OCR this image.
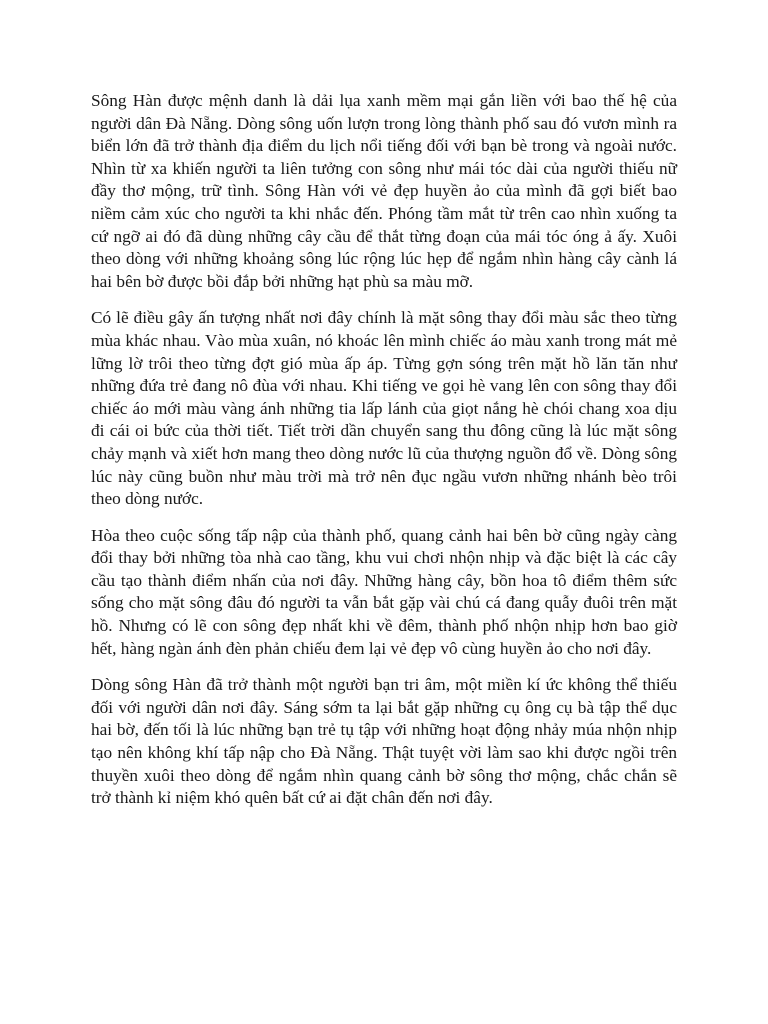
Sông Hàn được mệnh danh là dải lụa xanh mềm mại gắn liền với bao thế hệ của người dân Đà Nẵng. Dòng sông uốn lượn trong lòng thành phố sau đó vươn mình ra biển lớn đã trở thành địa điểm du lịch nổi tiếng đối với bạn bè trong và ngoài nước. Nhìn từ xa khiến người ta liên tưởng con sông như mái tóc dài của người thiếu nữ đầy thơ mộng, trữ tình. Sông Hàn với vẻ đẹp huyền ảo của mình đã gợi biết bao niềm cảm xúc cho người ta khi nhắc đến. Phóng tầm mắt từ trên cao nhìn xuống ta cứ ngỡ ai đó đã dùng những cây cầu để thắt từng đoạn của mái tóc óng ả ấy. Xuôi theo dòng với những khoảng sông lúc rộng lúc hẹp để ngắm nhìn hàng cây cành lá hai bên bờ được bồi đắp bởi những hạt phù sa màu mỡ.

Có lẽ điều gây ấn tượng nhất nơi đây chính là mặt sông thay đổi màu sắc theo từng mùa khác nhau. Vào mùa xuân, nó khoác lên mình chiếc áo màu xanh trong mát mẻ lững lờ trôi theo từng đợt gió mùa ấp áp. Từng gợn sóng trên mặt hồ lăn tăn như những đứa trẻ đang nô đùa với nhau. Khi tiếng ve gọi hè vang lên con sông thay đổi chiếc áo mới màu vàng ánh những tia lấp lánh của giọt nắng hè chói chang xoa dịu đi cái oi bức của thời tiết. Tiết trời dần chuyển sang thu đông cũng là lúc mặt sông chảy mạnh và xiết hơn mang theo dòng nước lũ của thượng nguồn đổ về. Dòng sông lúc này cũng buồn như màu trời mà trở nên đục ngầu vươn những nhánh bèo trôi theo dòng nước.

Hòa theo cuộc sống tấp nập của thành phố, quang cảnh hai bên bờ cũng ngày càng đổi thay bởi những tòa nhà cao tầng, khu vui chơi nhộn nhịp và đặc biệt là các cây cầu tạo thành điểm nhấn của nơi đây. Những hàng cây, bồn hoa tô điểm thêm sức sống cho mặt sông đâu đó người ta vẫn bắt gặp vài chú cá đang quẫy đuôi trên mặt hồ. Nhưng có lẽ con sông đẹp nhất khi về đêm, thành phố nhộn nhịp hơn bao giờ hết, hàng ngàn ánh đèn phản chiếu đem lại vẻ đẹp vô cùng huyền ảo cho nơi đây.

Dòng sông Hàn đã trở thành một người bạn tri âm, một miền kí ức không thể thiếu đối với người dân nơi đây. Sáng sớm ta lại bắt gặp những cụ ông cụ bà tập thể dục hai bờ, đến tối là lúc những bạn trẻ tụ tập với những hoạt động nhảy múa nhộn nhịp tạo nên không khí tấp nập cho Đà Nẵng. Thật tuyệt vời làm sao khi được ngồi trên thuyền xuôi theo dòng để ngắm nhìn quang cảnh bờ sông thơ mộng, chắc chắn sẽ trở thành kỉ niệm khó quên bất cứ ai đặt chân đến nơi đây.
